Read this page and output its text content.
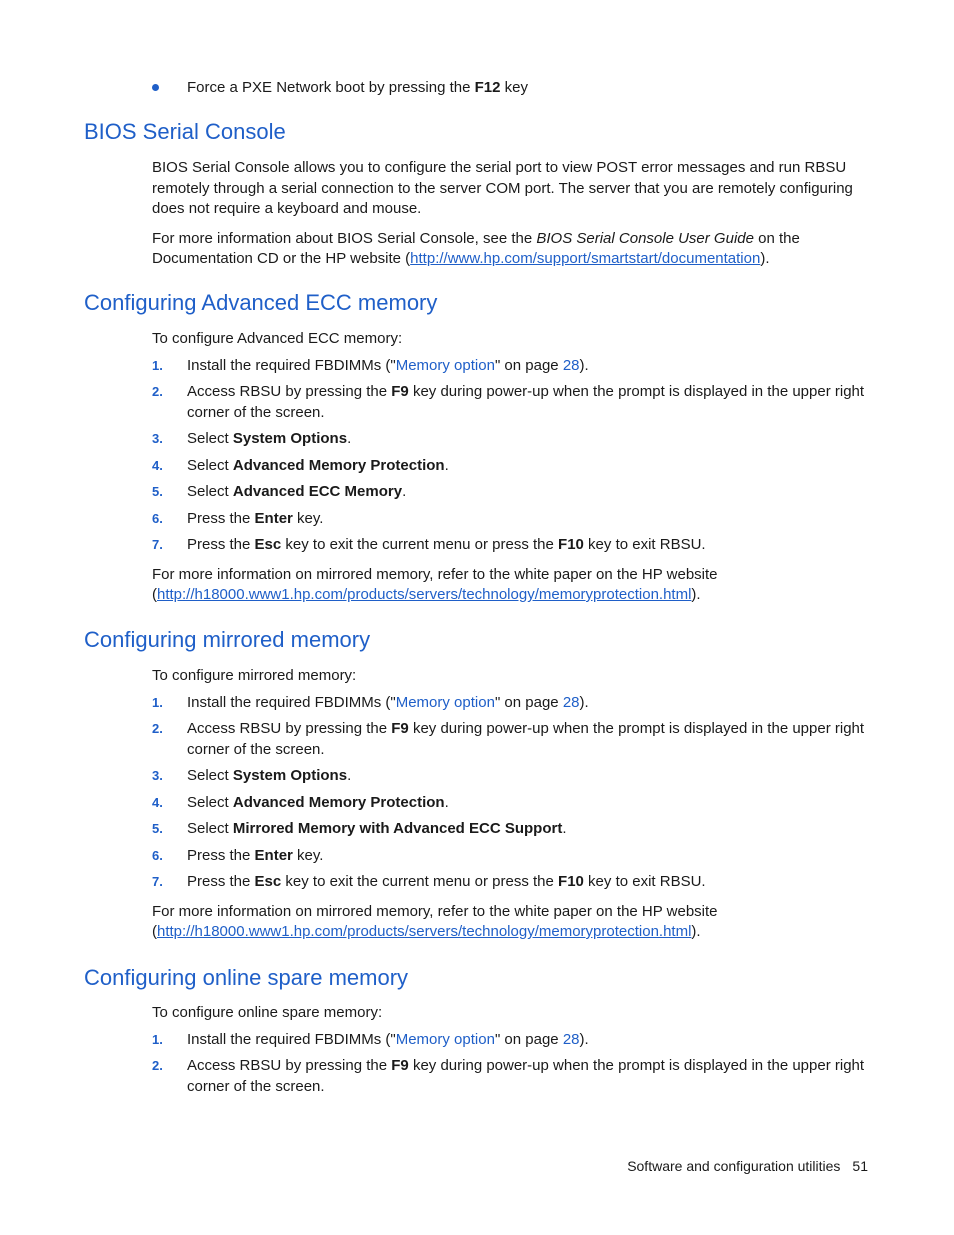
Force a PXE Network boot by pressing the F12 key
BIOS Serial Console

BIOS Serial Console allows you to configure the serial port to view POST error messages and run RBSU remotely through a serial connection to the server COM port. The server that you are remotely configuring does not require a keyboard and mouse.

For more information about BIOS Serial Console, see the BIOS Serial Console User Guide on the Documentation CD or the HP website (http://www.hp.com/support/smartstart/documentation).

Configuring Advanced ECC memory

To configure Advanced ECC memory:

1. Install the required FBDIMMs ("Memory option" on page 28).
2. Access RBSU by pressing the F9 key during power-up when the prompt is displayed in the upper right corner of the screen.
3. Select System Options.
4. Select Advanced Memory Protection.
5. Select Advanced ECC Memory.
6. Press the Enter key.
7. Press the Esc key to exit the current menu or press the F10 key to exit RBSU.

For more information on mirrored memory, refer to the white paper on the HP website
(http://h18000.www1.hp.com/products/servers/technology/memoryprotection.html).

Configuring mirrored memory

To configure mirrored memory:

1. Install the required FBDIMMs ("Memory option" on page 28).
2. Access RBSU by pressing the F9 key during power-up when the prompt is displayed in the upper right corner of the screen.
3. Select System Options.
4. Select Advanced Memory Protection.
5. Select Mirrored Memory with Advanced ECC Support.
6. Press the Enter key.
7. Press the Esc key to exit the current menu or press the F10 key to exit RBSU.

For more information on mirrored memory, refer to the white paper on the HP website
(http://h18000.www1.hp.com/products/servers/technology/memoryprotection.html).

Configuring online spare memory

To configure online spare memory:

1. Install the required FBDIMMs ("Memory option" on page 28).
2. Access RBSU by pressing the F9 key during power-up when the prompt is displayed in the upper right corner of the screen.
Software and configuration utilities 51
